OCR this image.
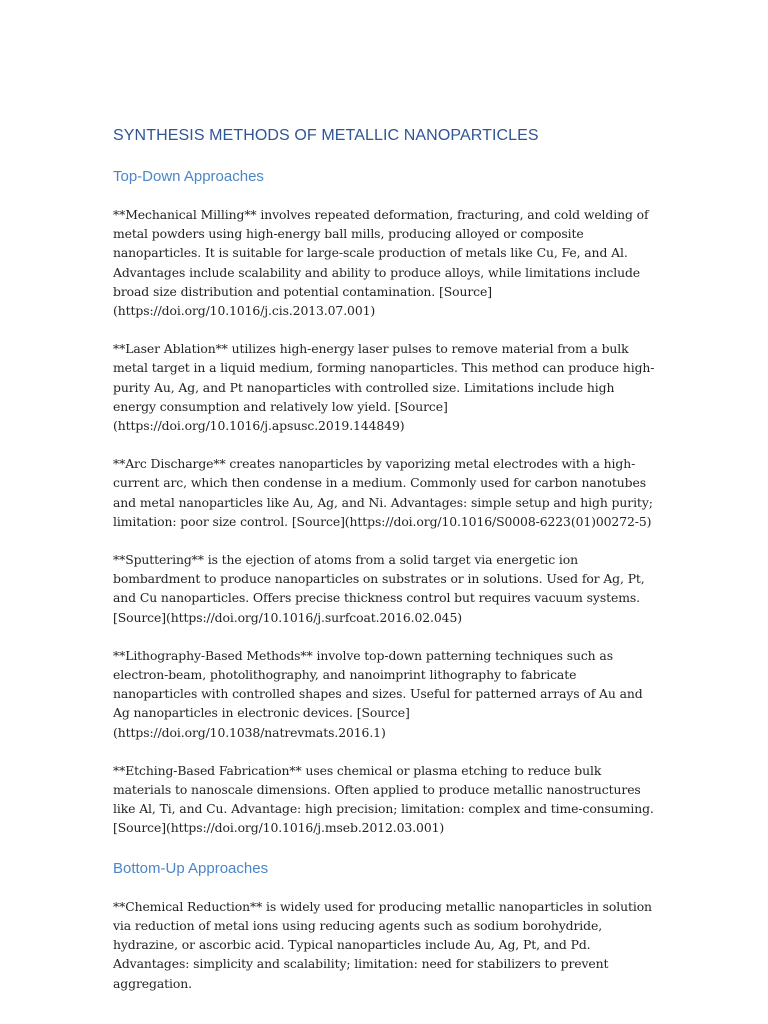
SYNTHESIS METHODS OF METALLIC NANOPARTICLES
Top-Down Approaches

**Mechanical Milling** involves repeated deformation, fracturing, and cold welding of metal powders using high-energy ball mills, producing alloyed or composite nanoparticles. It is suitable for large-scale production of metals like Cu, Fe, and Al. Advantages include scalability and ability to produce alloys, while limitations include broad size distribution and potential contamination. [Source](https://doi.org/10.1016/j.cis.2013.07.001)

**Laser Ablation** utilizes high-energy laser pulses to remove material from a bulk metal target in a liquid medium, forming nanoparticles. This method can produce high-purity Au, Ag, and Pt nanoparticles with controlled size. Limitations include high energy consumption and relatively low yield. [Source](https://doi.org/10.1016/j.apsusc.2019.144849)

**Arc Discharge** creates nanoparticles by vaporizing metal electrodes with a high-current arc, which then condense in a medium. Commonly used for carbon nanotubes and metal nanoparticles like Au, Ag, and Ni. Advantages: simple setup and high purity; limitation: poor size control. [Source](https://doi.org/10.1016/S0008-6223(01)00272-5)

**Sputtering** is the ejection of atoms from a solid target via energetic ion bombardment to produce nanoparticles on substrates or in solutions. Used for Ag, Pt, and Cu nanoparticles. Offers precise thickness control but requires vacuum systems. [Source](https://doi.org/10.1016/j.surfcoat.2016.02.045)

**Lithography-Based Methods** involve top-down patterning techniques such as electron-beam, photolithography, and nanoimprint lithography to fabricate nanoparticles with controlled shapes and sizes. Useful for patterned arrays of Au and Ag nanoparticles in electronic devices. [Source](https://doi.org/10.1038/natrevmats.2016.1)

**Etching-Based Fabrication** uses chemical or plasma etching to reduce bulk materials to nanoscale dimensions. Often applied to produce metallic nanostructures like Al, Ti, and Cu. Advantage: high precision; limitation: complex and time-consuming. [Source](https://doi.org/10.1016/j.mseb.2012.03.001)

Bottom-Up Approaches

**Chemical Reduction** is widely used for producing metallic nanoparticles in solution via reduction of metal ions using reducing agents such as sodium borohydride, hydrazine, or ascorbic acid. Typical nanoparticles include Au, Ag, Pt, and Pd. Advantages: simplicity and scalability; limitation: need for stabilizers to prevent aggregation.
